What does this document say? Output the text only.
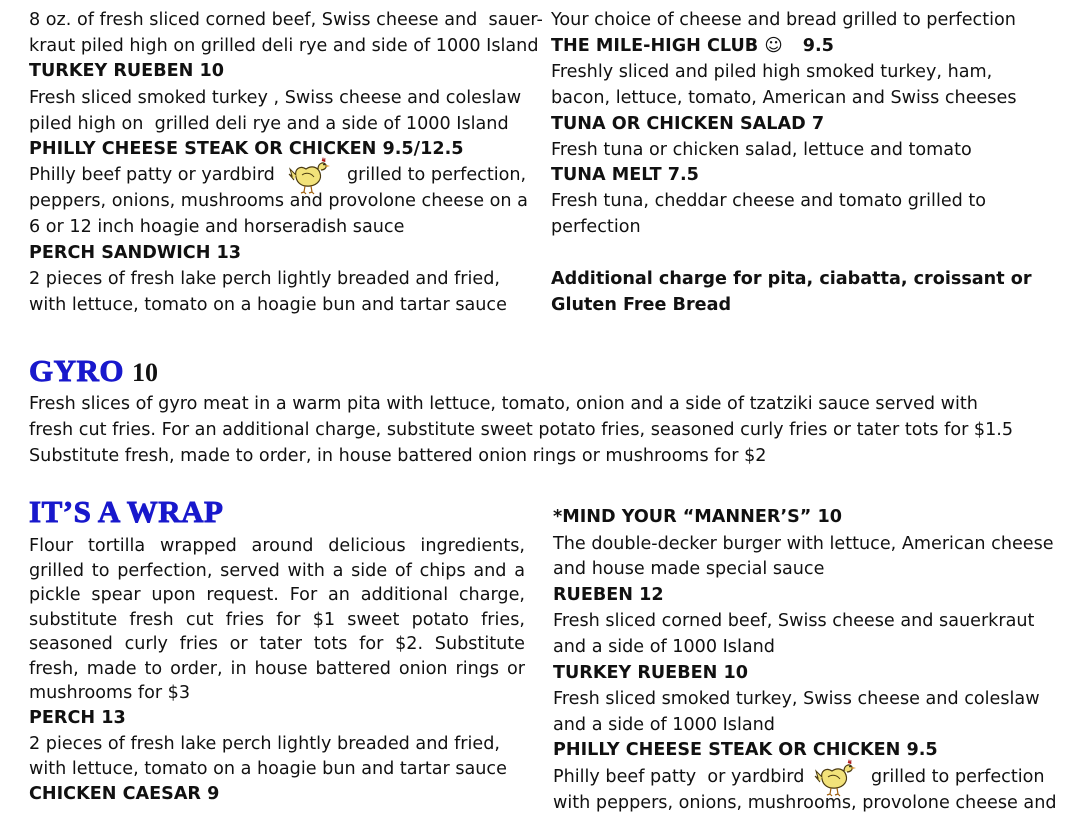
8 oz. of fresh sliced corned beef, Swiss cheese and  sauer-
kraut piled high on grilled deli rye and side of 1000 Island
TURKEY RUEBEN 10
Fresh sliced smoked turkey , Swiss cheese and coleslaw
piled high on  grilled deli rye and a side of 1000 Island
PHILLY CHEESE STEAK OR CHICKEN 9.5/12.5
Philly beef patty or yardbird	grilled to perfection,
peppers, onions, mushrooms and provolone cheese on a
6 or 12 inch hoagie and horseradish sauce
PERCH SANDWICH 13
2 pieces of fresh lake perch lightly breaded and fried,
with lettuce, tomato on a hoagie bun and tartar sauce
Your choice of cheese and bread grilled to perfection
THE MILE-HIGH CLUB ☺ 9.5
Freshly sliced and piled high smoked turkey, ham,
bacon, lettuce, tomato, American and Swiss cheeses
TUNA OR CHICKEN SALAD 7
Fresh tuna or chicken salad, lettuce and tomato
TUNA MELT 7.5
Fresh tuna, cheddar cheese and tomato grilled to
perfection
Additional charge for pita, ciabatta, croissant or
Gluten Free Bread
GYRO 10
Fresh slices of gyro meat in a warm pita with lettuce, tomato, onion and a side of tzatziki sauce served with
fresh cut fries. For an additional charge, substitute sweet potato fries, seasoned curly fries or tater tots for $1.5
Substitute fresh, made to order, in house battered onion rings or mushrooms for $2
IT’S A WRAP
Flour tortilla wrapped around delicious ingredients,
grilled to perfection, served with a side of chips and a
pickle spear upon request. For an additional charge,
substitute fresh cut fries for $1 sweet potato fries,
seasoned curly fries or tater tots for $2. Substitute
fresh, made to order, in house battered onion rings or
mushrooms for $3
PERCH 13
2 pieces of fresh lake perch lightly breaded and fried,
with lettuce, tomato on a hoagie bun and tartar sauce
CHICKEN CAESAR 9
*MIND YOUR “MANNER’S” 10
The double-decker burger with lettuce, American cheese
and house made special sauce
RUEBEN 12
Fresh sliced corned beef, Swiss cheese and sauerkraut
and a side of 1000 Island
TURKEY RUEBEN 10
Fresh sliced smoked turkey, Swiss cheese and coleslaw
and a side of 1000 Island
PHILLY CHEESE STEAK OR CHICKEN 9.5
Philly beef patty  or yardbird	grilled to perfection
with peppers, onions, mushrooms, provolone cheese and
